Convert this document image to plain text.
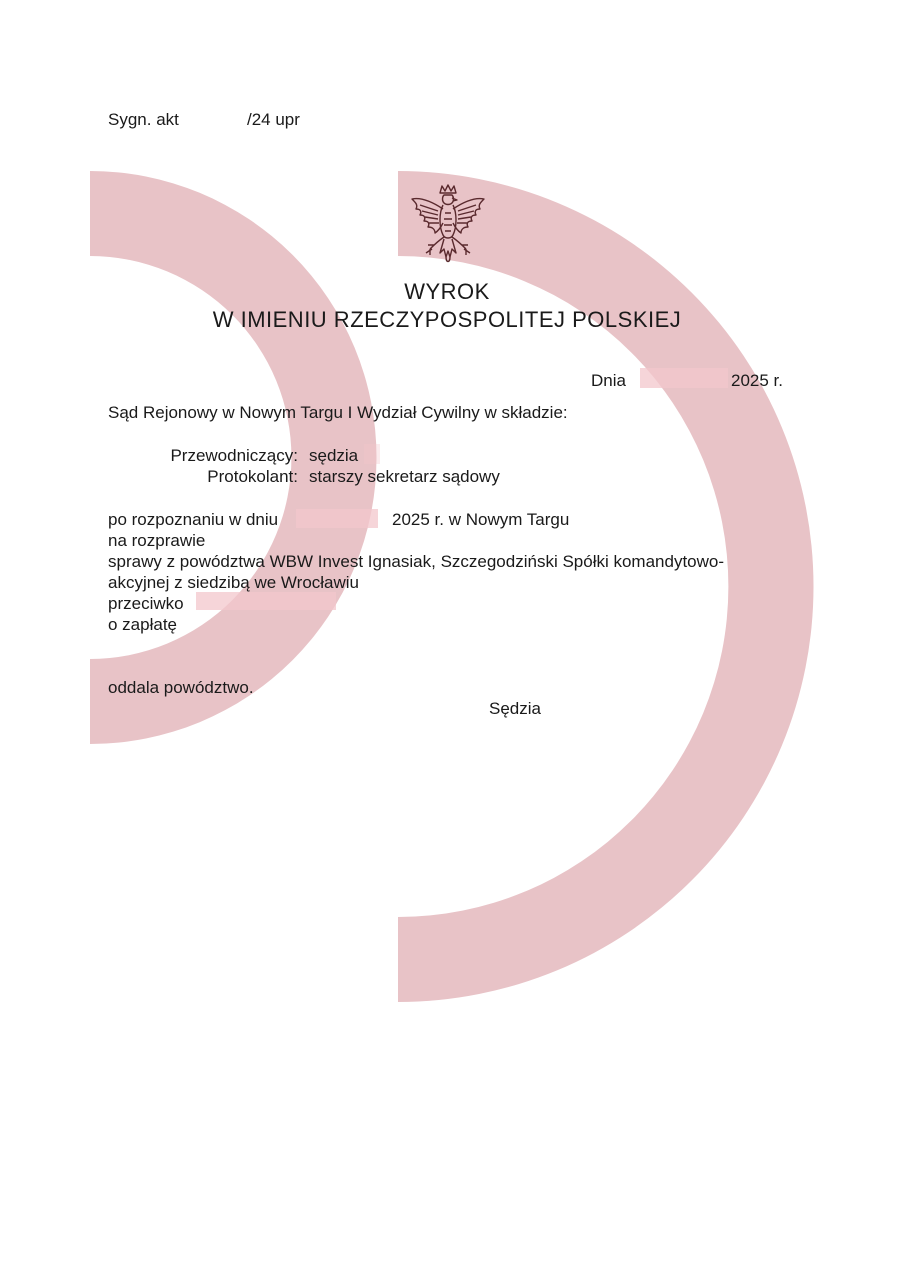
Sygn. akt	/24 upr
WYROK
W IMIENIU RZECZYPOSPOLITEJ POLSKIEJ
Dnia	2025 r.
Sąd Rejonowy w Nowym Targu I Wydział Cywilny w składzie:
Przewodniczący: sędzia
Protokolant: starszy sekretarz sądowy
po rozpoznaniu w dniu	2025 r. w Nowym Targu
na rozprawie
sprawy z powództwa WBW Invest Ignasiak, Szczegodziński Spółki komandytowo-
akcyjnej z siedzibą we Wrocławiu
przeciwko
o zapłatę
oddala powództwo.
Sędzia
